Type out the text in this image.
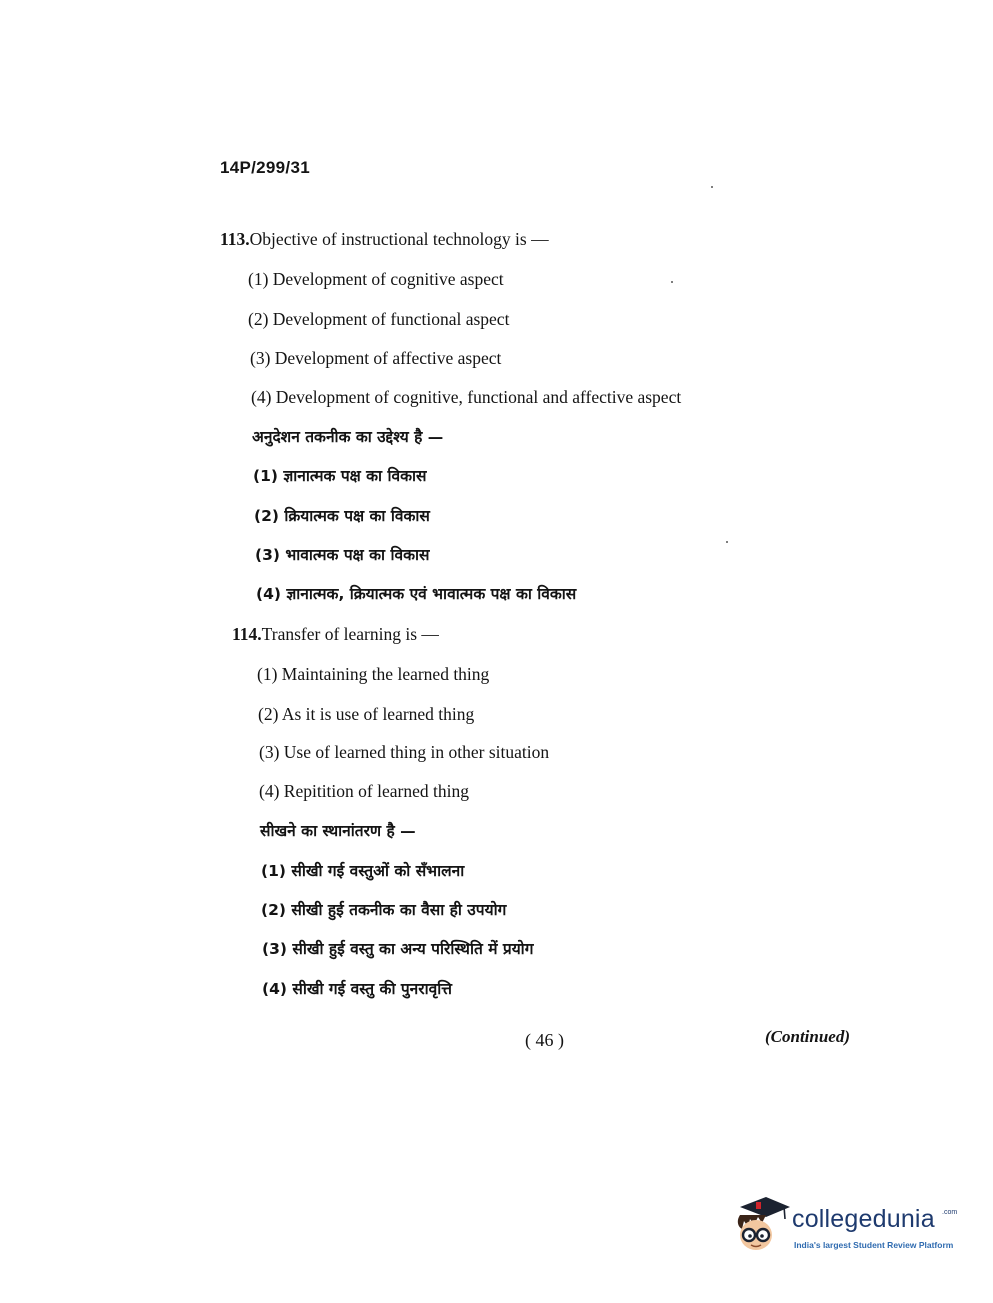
14P/299/31
113.Objective of instructional technology is —
(1) Development of cognitive aspect
(2) Development of functional aspect
(3) Development of affective aspect
(4) Development of cognitive, functional and affective aspect
अनुदेशन तकनीक का उद्देश्य है —
(1) ज्ञानात्मक पक्ष का विकास
(2) क्रियात्मक पक्ष का विकास
(3) भावात्मक पक्ष का विकास
(4) ज्ञानात्मक, क्रियात्मक एवं भावात्मक पक्ष का विकास
114.Transfer of learning is —
(1) Maintaining the learned thing
(2) As it is use of learned thing
(3) Use of learned thing in other situation
(4) Repitition of learned thing
सीखने का स्थानांतरण है —
(1) सीखी गई वस्तुओं को सँभालना
(2) सीखी हुई तकनीक का वैसा ही उपयोग
(3) सीखी हुई वस्तु का अन्य परिस्थिति में प्रयोग
(4) सीखी गई वस्तु की पुनरावृत्ति
( 46 )	(Continued)
collegedunia .com
India's largest Student Review Platform
